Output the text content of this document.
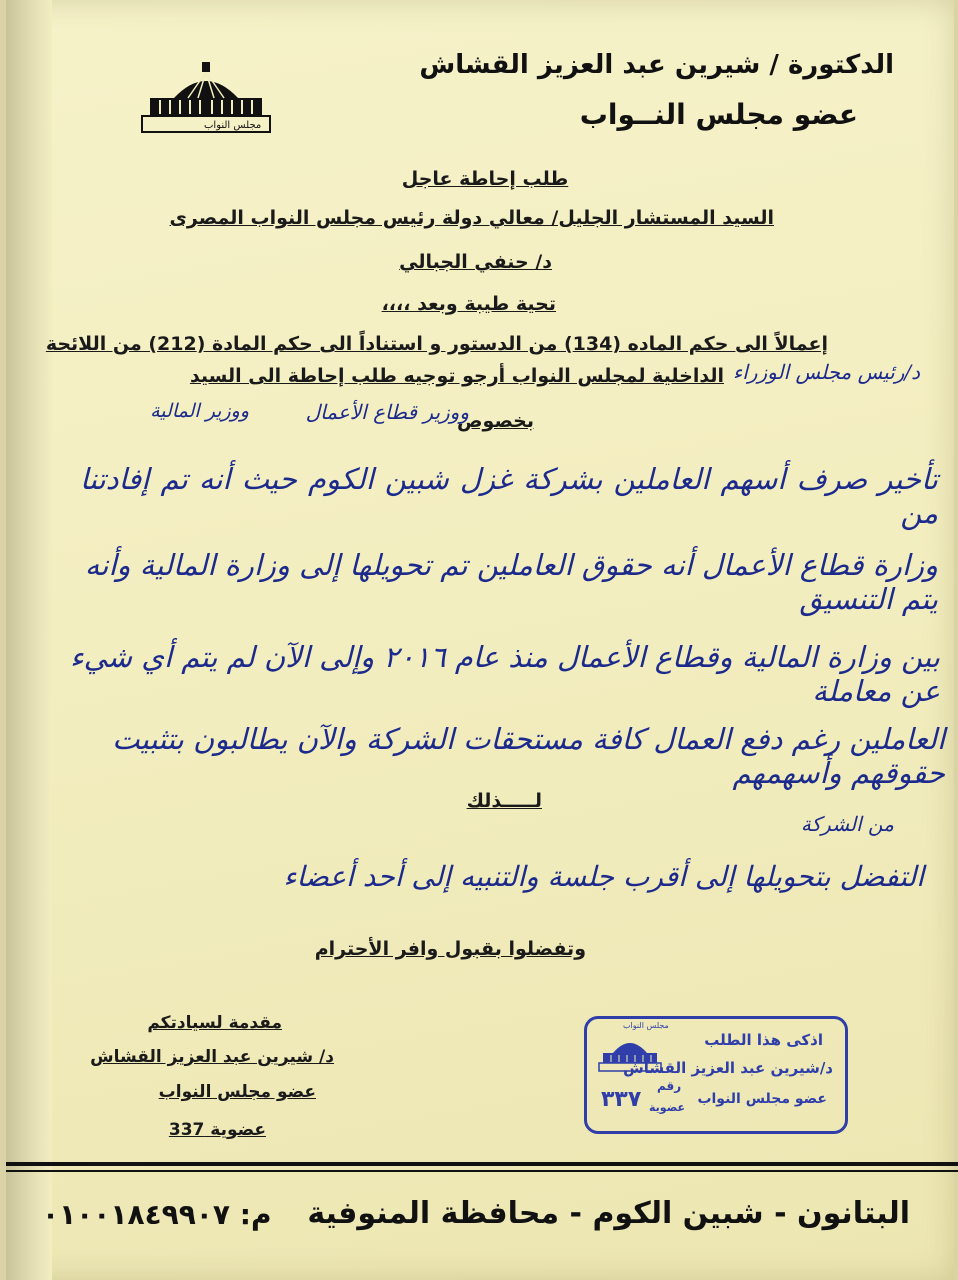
الدكتورة / شيرين عبد العزيز القشاش
عضو مجلس النــواب
مجلس النواب
طلب إحاطة عاجل
السيد المستشار الجليل/ معالي دولة رئيس مجلس النواب المصرى
د/ حنفي الجبالي
تحية طيبة وبعد ،،،،
إعمالاً الى حكم الماده (134) من الدستور و استناداً الى حكم المادة (212) من اللائحة
الداخلية لمجلس النواب أرجو توجيه طلب إحاطة الى السيد
بخصوص
د/رئيس مجلس الوزراء
ووزير قطاع الأعمال
ووزير المالية
تأخير صرف أسهم العاملين بشركة غزل شبين الكوم حيث أنه تم إفادتنا من
وزارة قطاع الأعمال أنه حقوق العاملين تم تحويلها إلى وزارة المالية وأنه يتم التنسيق
بين وزارة المالية وقطاع الأعمال منذ عام ٢٠١٦ وإلى الآن لم يتم أي شيء عن معاملة
العاملين رغم دفع العمال كافة مستحقات الشركة والآن يطالبون بتثبيت حقوقهم وأسهمهم
لـــــذلك
من الشركة
التفضل بتحويلها إلى أقرب جلسة والتنبيه إلى أحد أعضاء
وتفضلوا بقبول وافر الأحترام
مقدمة لسيادتكم
د/ شيرين عبد العزيز القشاش
عضو مجلس النواب
عضوية 337
مجلس النواب
اذكى هذا الطلب
د/شيرين عبد العزيز القشاش
عضو مجلس النواب
رقم
٣٣٧ عضوية
البتانون - شبين الكوم - محافظة المنوفية
م: ٠١٠٠١٨٤٩٩٠٧
